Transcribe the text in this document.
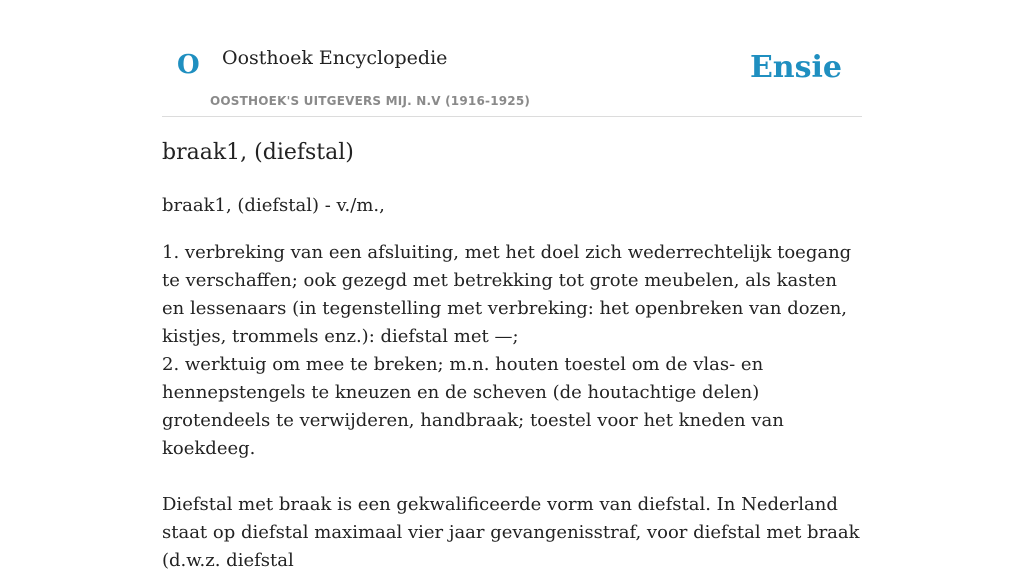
O Oosthoek Encyclopedie
OOSTHOEK'S UITGEVERS MIJ. N.V (1916-1925)
Ensie
braak1, (diefstal)
braak1, (diefstal) - v./m.,

1. verbreking van een afsluiting, met het doel zich wederrechtelijk toegang te verschaffen; ook gezegd met betrekking tot grote meubelen, als kasten en lessenaars (in tegenstelling met verbreking: het openbreken van dozen, kistjes, trommels enz.): diefstal met —;

2. werktuig om mee te breken; m.n. houten toestel om de vlas- en hennepstengels te kneuzen en de scheven (de houtachtige delen) grotendeels te verwijderen, handbraak; toestel voor het kneden van koekdeeg.

Diefstal met braak is een gekwalificeerde vorm van diefstal. In Nederland staat op diefstal maximaal vier jaar gevangenisstraf, voor diefstal met braak (d.w.z. diefstal
